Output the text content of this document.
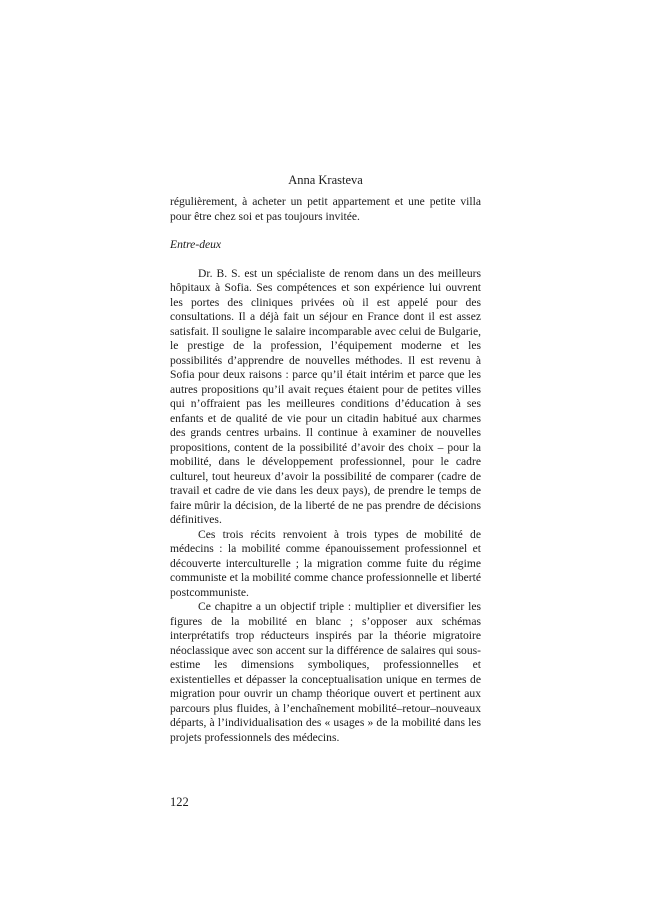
Anna Krasteva

régulièrement, à acheter un petit appartement et une petite villa pour être chez soi et pas toujours invitée.

Entre-deux

Dr. B. S. est un spécialiste de renom dans un des meilleurs hôpitaux à Sofia. Ses compétences et son expérience lui ouvrent les portes des cliniques privées où il est appelé pour des consultations. Il a déjà fait un séjour en France dont il est assez satisfait. Il souligne le salaire incomparable avec celui de Bulgarie, le prestige de la profession, l’équipement moderne et les possibilités d’apprendre de nouvelles méthodes. Il est revenu à Sofia pour deux raisons : parce qu’il était intérim et parce que les autres propositions qu’il avait reçues étaient pour de petites villes qui n’offraient pas les meilleures conditions d’éducation à ses enfants et de qualité de vie pour un citadin habitué aux charmes des grands centres urbains. Il continue à examiner de nouvelles propositions, content de la possibilité d’avoir des choix – pour la mobilité, dans le développement professionnel, pour le cadre culturel, tout heureux d’avoir la possibilité de comparer (cadre de travail et cadre de vie dans les deux pays), de prendre le temps de faire mûrir la décision, de la liberté de ne pas prendre de décisions définitives.

Ces trois récits renvoient à trois types de mobilité de médecins : la mobilité comme épanouissement professionnel et découverte interculturelle ; la migration comme fuite du régime communiste et la mobilité comme chance professionnelle et liberté postcommuniste.

Ce chapitre a un objectif triple : multiplier et diversifier les figures de la mobilité en blanc ; s’opposer aux schémas interprétatifs trop réducteurs inspirés par la théorie migratoire néoclassique avec son accent sur la différence de salaires qui sous-estime les dimensions symboliques, professionnelles et existentielles et dépasser la conceptualisation unique en termes de migration pour ouvrir un champ théorique ouvert et pertinent aux parcours plus fluides, à l’enchaînement mobilité–retour–nouveaux départs, à l’individualisation des « usages » de la mobilité dans les projets professionnels des médecins.

122
